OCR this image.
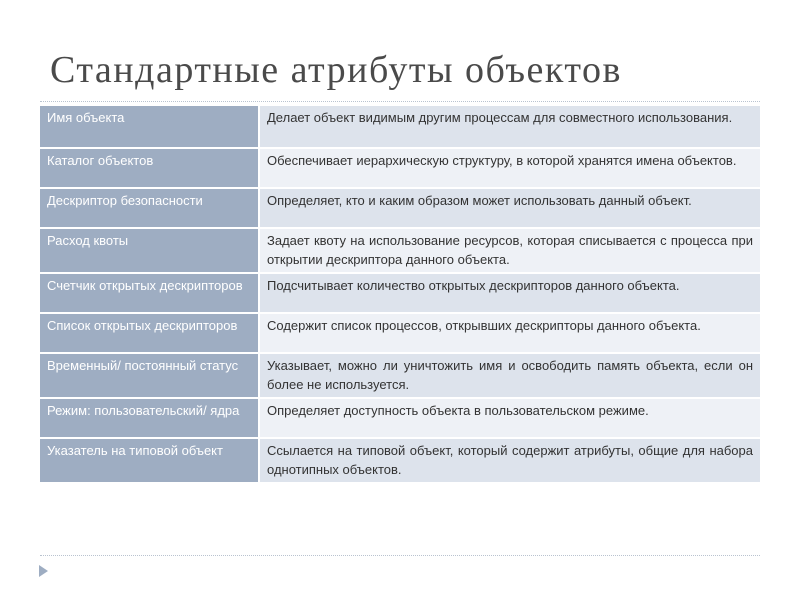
Стандартные атрибуты объектов
Имя объекта	Делает объект видимым другим процессам для совместного использования.
Каталог объектов	Обеспечивает иерархическую структуру, в которой хранятся имена объектов.
Дескриптор безопасности	Определяет, кто и каким образом может использовать данный объект.
Расход квоты	Задает квоту на использование ресурсов, которая списывается с процесса при открытии дескриптора данного объекта.
Счетчик открытых дескрипторов	Подсчитывает количество открытых дескрипторов данного объекта.
Список открытых дескрипторов	Содержит список процессов, открывших дескрипторы данного объекта.
Временный/ постоянный статус	Указывает, можно ли уничтожить имя и освободить память объекта, если он более не используется.
Режим: пользовательский/ ядра	Определяет доступность объекта в пользовательском режиме.
Указатель на типовой объект	Ссылается на типовой объект, который содержит атрибуты, общие для набора однотипных объектов.
